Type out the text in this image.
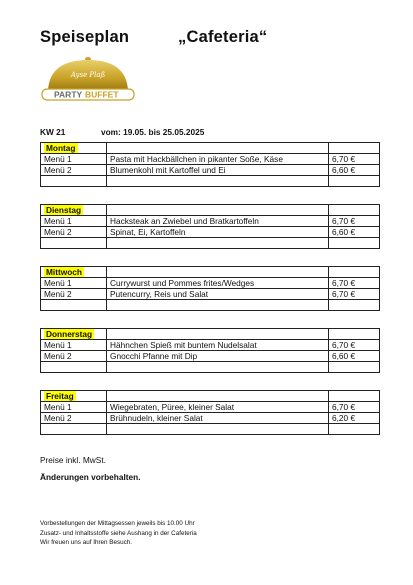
Speiseplan	„Cafeteria“
Ayse Plaß
PARTY BUFFET
KW 21	vom: 19.05. bis 25.05.2025
Montag		
Menü 1	Pasta mit Hackbällchen in pikanter Soße, Käse	6,70 €
Menü 2	Blumenkohl mit Kartoffel und Ei	6,60 €

Dienstag		
Menü 1	Hacksteak an Zwiebel und Bratkartoffeln	6,70 €
Menü 2	Spinat, Ei, Kartoffeln	6,60 €

Mittwoch		
Menü 1	Currywurst und Pommes frites/Wedges	6,70 €
Menü 2	Putencurry, Reis und Salat	6,70 €

Donnerstag		
Menü 1	Hähnchen Spieß mit buntem Nudelsalat	6,70 €
Menü 2	Gnocchi Pfanne mit Dip	6,60 €

Freitag		
Menü 1	Wiegebraten, Püree, kleiner Salat	6,70 €
Menü 2	Brühnudeln, kleiner Salat	6,20 €

Preise inkl. MwSt.
Änderungen vorbehalten.
Vorbestellungen der Mittagsessen jeweils bis 10.00 Uhr
Zusatz- und Inhaltsstoffe siehe Aushang in der Cafeteria
Wir freuen uns auf Ihren Besuch.
